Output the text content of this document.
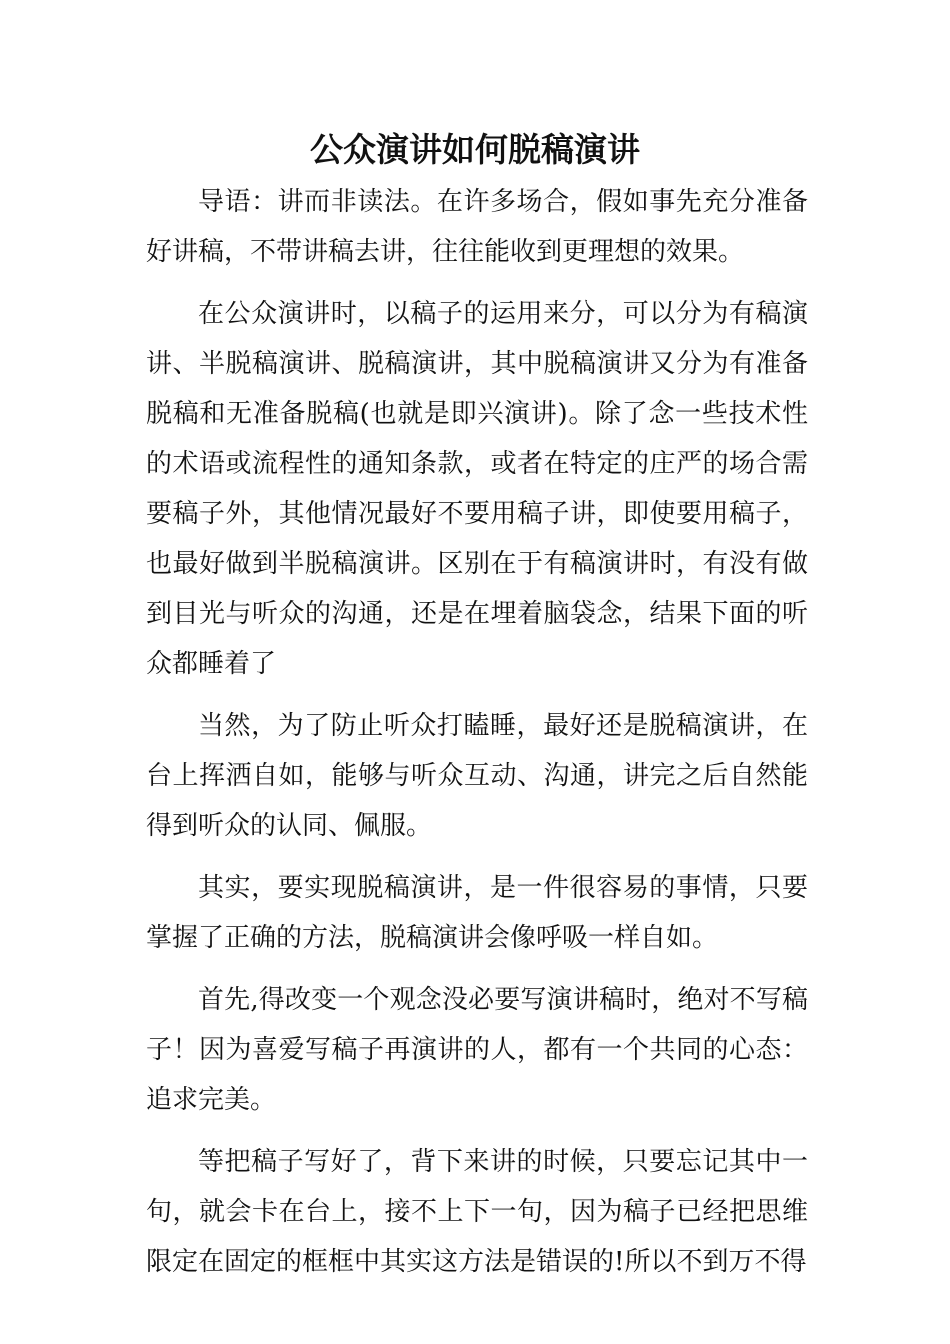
公众演讲如何脱稿演讲

导语：讲而非读法。在许多场合，假如事先充分准备好讲稿，不带讲稿去讲，往往能收到更理想的效果。

在公众演讲时，以稿子的运用来分，可以分为有稿演讲、半脱稿演讲、脱稿演讲，其中脱稿演讲又分为有准备脱稿和无准备脱稿(也就是即兴演讲)。除了念一些技术性的术语或流程性的通知条款，或者在特定的庄严的场合需要稿子外，其他情况最好不要用稿子讲，即使要用稿子，也最好做到半脱稿演讲。区别在于有稿演讲时，有没有做到目光与听众的沟通，还是在埋着脑袋念，结果下面的听众都睡着了

当然，为了防止听众打瞌睡，最好还是脱稿演讲，在台上挥洒自如，能够与听众互动、沟通，讲完之后自然能得到听众的认同、佩服。

其实，要实现脱稿演讲，是一件很容易的事情，只要掌握了正确的方法，脱稿演讲会像呼吸一样自如。

首先,得改变一个观念没必要写演讲稿时，绝对不写稿子！因为喜爱写稿子再演讲的人，都有一个共同的心态：追求完美。

等把稿子写好了，背下来讲的时候，只要忘记其中一句，就会卡在台上，接不上下一句，因为稿子已经把思维限定在固定的框框中其实这方法是错误的!所以不到万不得
